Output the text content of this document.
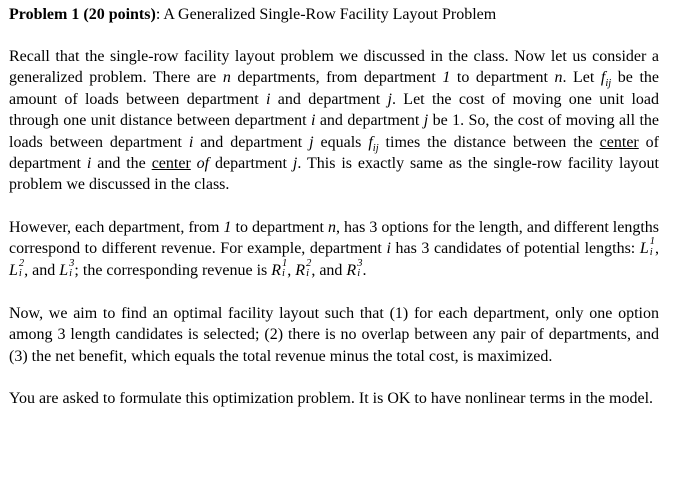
Problem 1 (20 points): A Generalized Single-Row Facility Layout Problem

Recall that the single-row facility layout problem we discussed in the class. Now let us consider a generalized problem. There are n departments, from department 1 to department n. Let $f_{ij}$ be the amount of loads between department i and department j. Let the cost of moving one unit load through one unit distance between department i and department j be 1. So, the cost of moving all the loads between department i and department j equals $f_{ij}$ times the distance between the center of department i and the center of department j. This is exactly same as the single-row facility layout problem we discussed in the class.

However, each department, from 1 to department n, has 3 options for the length, and different lengths correspond to different revenue. For example, department i has 3 candidates of potential lengths: L 1
i , L 2
i , and L 3
i ; the corresponding revenue is R 1
i , R 2
i , and R 3
i .

Now, we aim to find an optimal facility layout such that (1) for each department, only one option among 3 length candidates is selected; (2) there is no overlap between any pair of departments, and (3) the net benefit, which equals the total revenue minus the total cost, is maximized.

You are asked to formulate this optimization problem. It is OK to have nonlinear terms in the model.
